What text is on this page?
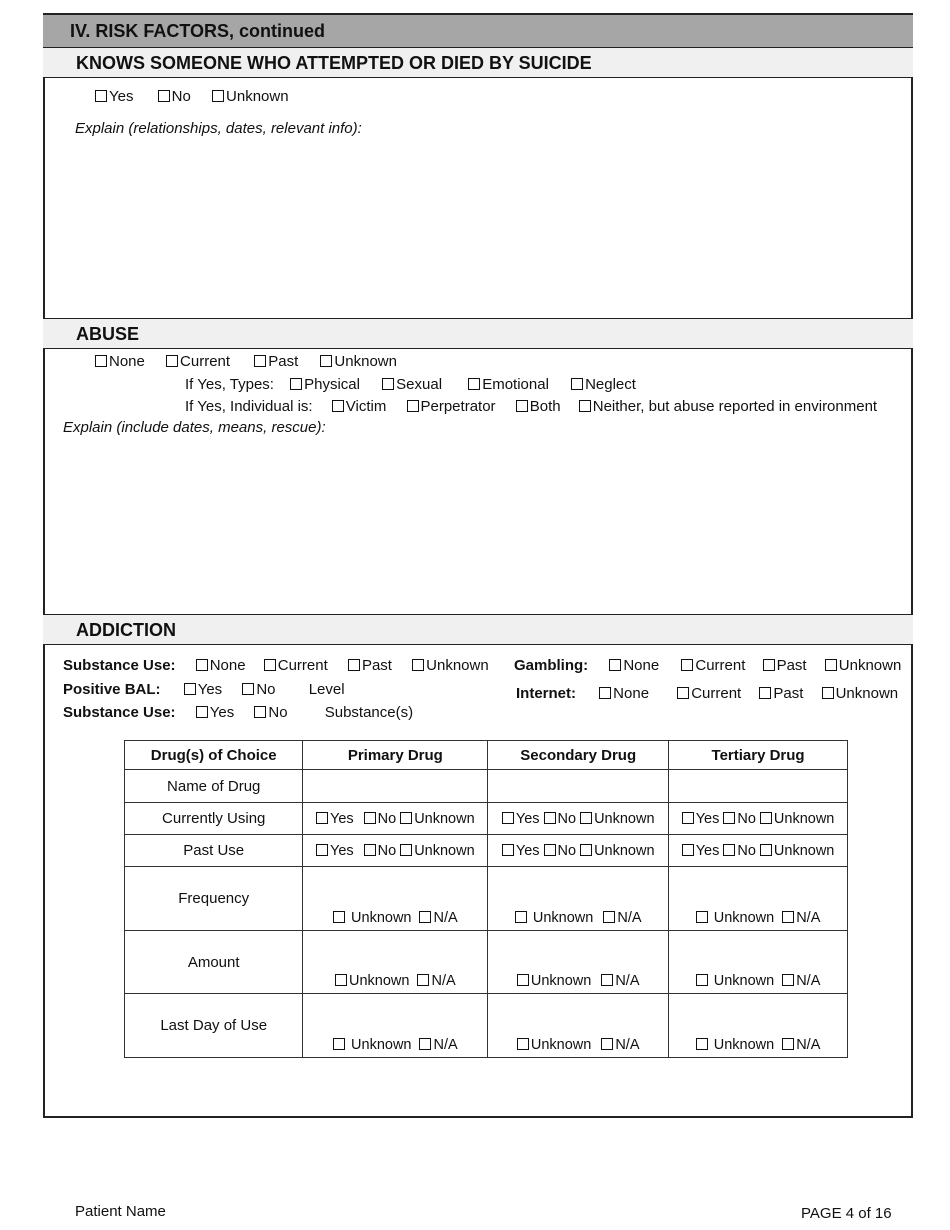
IV. RISK FACTORS, continued
KNOWS SOMEONE WHO ATTEMPTED OR DIED BY SUICIDE
Yes	No Unknown
Explain (relationships, dates, relevant info):
ABUSE
None Current	Past Unknown
If Yes, Types: Physical Sexual	Emotional Neglect
If Yes, Individual is: Victim Perpetrator Both Neither, but abuse reported in environment
Explain (include dates, means, rescue):
ADDICTION
Substance Use: None Current Past Unknown Gambling: None Current Past Unknown
Positive BAL: Yes No Level	Internet: None	Current Past Unknown
Substance Use: Yes No Substance(s)
Drug(s) of Choice	Primary Drug	Secondary Drug	Tertiary Drug
Name of Drug			
Currently Using	Yes No Unknown	Yes No Unknown	Yes No Unknown
Past Use	Yes No Unknown	Yes No Unknown	Yes No Unknown
Frequency	Unknown N/A	Unknown N/A	Unknown N/A
Amount	Unknown N/A	Unknown N/A	Unknown N/A
Last Day of Use	Unknown N/A	Unknown N/A	Unknown N/A
Patient Name	PAGE 4 of 16
